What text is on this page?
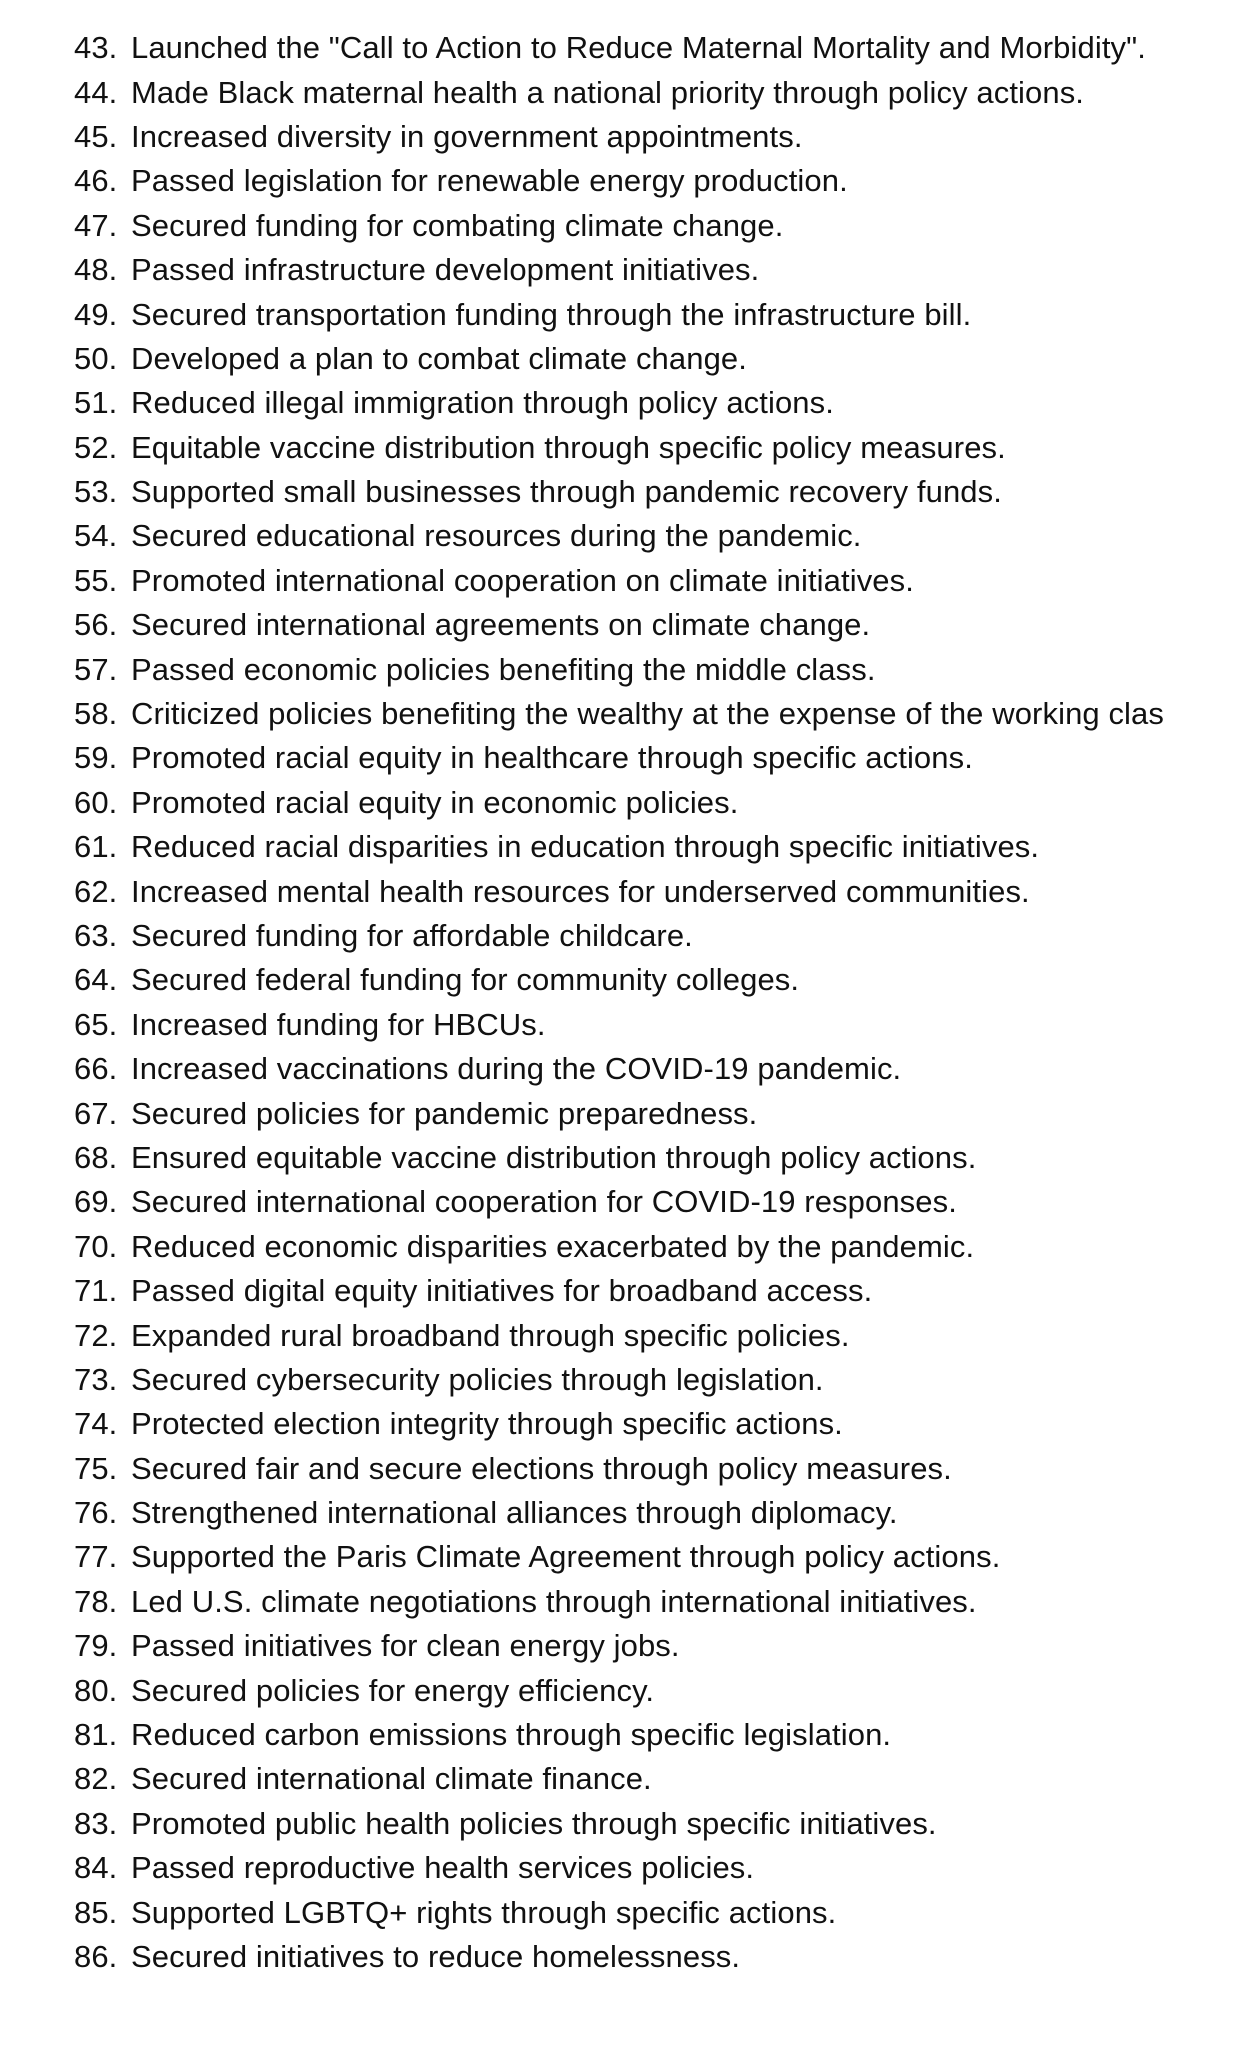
43. Launched the "Call to Action to Reduce Maternal Mortality and Morbidity".
44. Made Black maternal health a national priority through policy actions.
45. Increased diversity in government appointments.
46. Passed legislation for renewable energy production.
47. Secured funding for combating climate change.
48. Passed infrastructure development initiatives.
49. Secured transportation funding through the infrastructure bill.
50. Developed a plan to combat climate change.
51. Reduced illegal immigration through policy actions.
52. Equitable vaccine distribution through specific policy measures.
53. Supported small businesses through pandemic recovery funds.
54. Secured educational resources during the pandemic.
55. Promoted international cooperation on climate initiatives.
56. Secured international agreements on climate change.
57. Passed economic policies benefiting the middle class.
58. Criticized policies benefiting the wealthy at the expense of the working clas
59. Promoted racial equity in healthcare through specific actions.
60. Promoted racial equity in economic policies.
61. Reduced racial disparities in education through specific initiatives.
62. Increased mental health resources for underserved communities.
63. Secured funding for affordable childcare.
64. Secured federal funding for community colleges.
65. Increased funding for HBCUs.
66. Increased vaccinations during the COVID-19 pandemic.
67. Secured policies for pandemic preparedness.
68. Ensured equitable vaccine distribution through policy actions.
69. Secured international cooperation for COVID-19 responses.
70. Reduced economic disparities exacerbated by the pandemic.
71. Passed digital equity initiatives for broadband access.
72. Expanded rural broadband through specific policies.
73. Secured cybersecurity policies through legislation.
74. Protected election integrity through specific actions.
75. Secured fair and secure elections through policy measures.
76. Strengthened international alliances through diplomacy.
77. Supported the Paris Climate Agreement through policy actions.
78. Led U.S. climate negotiations through international initiatives.
79. Passed initiatives for clean energy jobs.
80. Secured policies for energy efficiency.
81. Reduced carbon emissions through specific legislation.
82. Secured international climate finance.
83. Promoted public health policies through specific initiatives.
84. Passed reproductive health services policies.
85. Supported LGBTQ+ rights through specific actions.
86. Secured initiatives to reduce homelessness.
